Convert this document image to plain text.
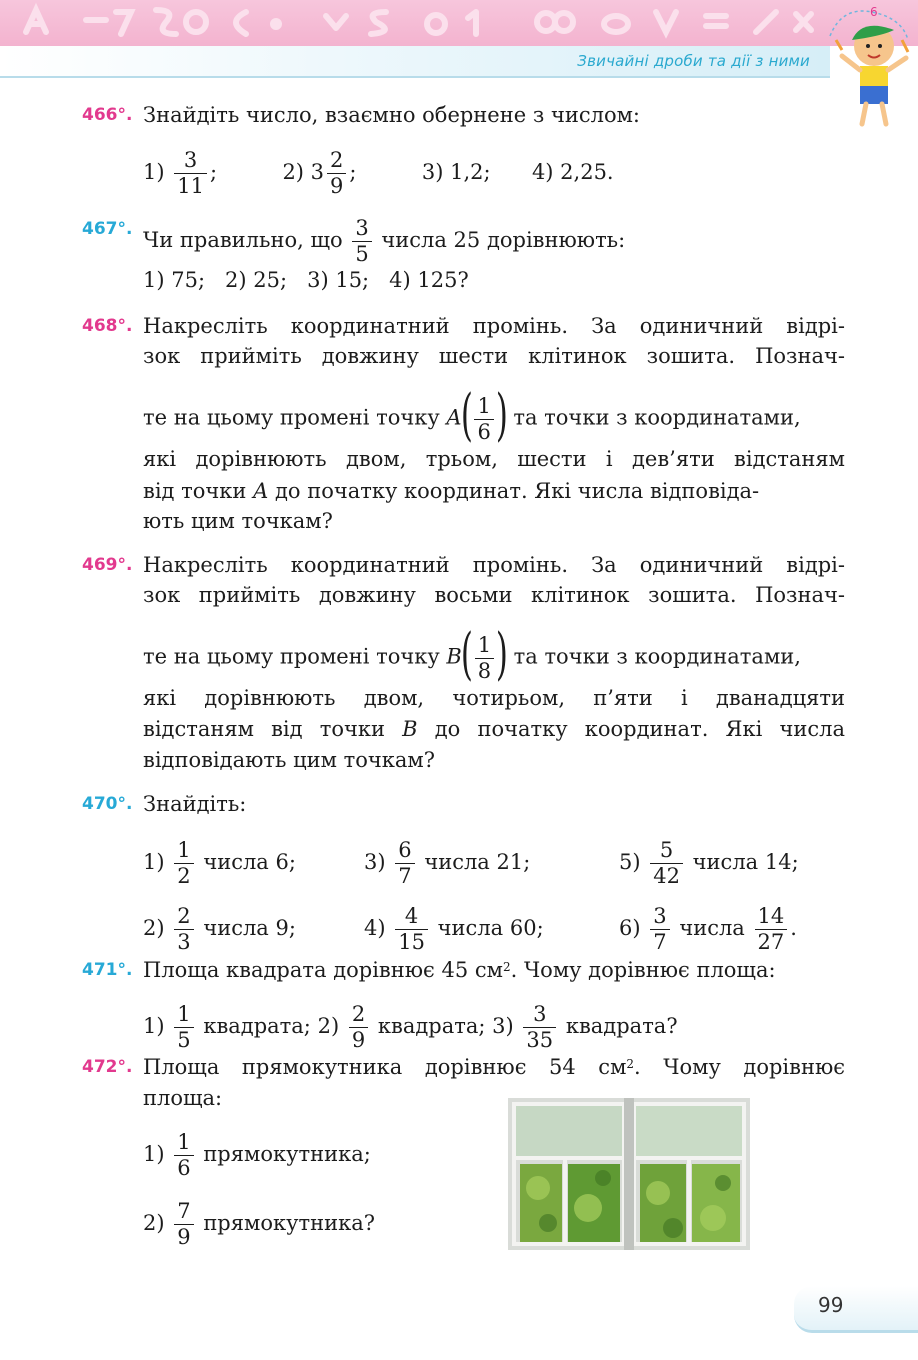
Звичайні дроби та дії з ними
6
466°. Знайдіть число, взаємно обернене з числом:
$1) \frac{3}{11}$ ;	2) $3 \frac{2}{9}$ ;	3) 1,2; 4) 2,25.
467°. Чи правильно, що $\frac{3}{5}$ числа 25 дорівнюють:
1) 75;   2) 25;   3) 15;   4) 125?
468°. Накресліть координатний промінь. За одиничний відрі-
зок прийміть довжину шести клітинок зошита. Познач-
те на цьому промені точку $A( \frac{1}{6}$ ) та точки з координатами,
які дорівнюють двом, трьом, шести і дев’яти відстаням
від точки A до початку координат. Які числа відповіда-
ють цим точкам?
469°. Накресліть координатний промінь. За одиничний відрі-
зок прийміть довжину восьми клітинок зошита. Познач-
те на цьому промені точку $B( \frac{1}{8}$ ) та точки з координатами,
які дорівнюють двом, чотирьом, п’яти і дванадцяти
відстаням від точки B до початку координат. Які числа
відповідають цим точкам?
470°. Знайдіть:
$1) \frac{1}{2}$ числа 6;	$3) \frac{6}{7}$ числа 21;	$5) \frac{5}{42}$ числа 14;
$2) \frac{2}{3}$ числа 9;	$4) \frac{4}{15}$ числа 60;	$6) \frac{3}{7}$ числа $\frac{14}{27}$ .
471°. Площа квадрата дорівнює 45 $см^2$. Чому дорівнює площа:
$1) \frac{1}{5}$ квадрата; $2) \frac{2}{9}$ квадрата; $3) \frac{3}{35}$ квадрата?
472°. Площа прямокутника дорівнює 54 $см^2$. Чому дорівнює
площа:
$1) \frac{1}{6}$ прямокутника;
$2) \frac{7}{9}$ прямокутника?
99
